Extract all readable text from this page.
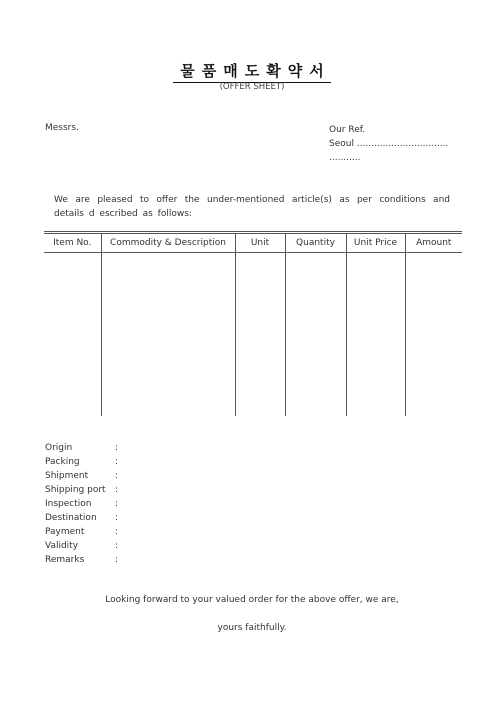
물품매도확약서
(OFFER SHEET)
Messrs.	Our Ref.
Seoul ................................
...........
We are pleased to offer the under-mentioned article(s) as per conditions and details d escribed as follows:
Item No.	Commodity & Description	Unit	Quantity	Unit Price	Amount

Origin	:
Packing	:
Shipment	:
Shipping port :
Inspection	:
Destination :
Payment	:
Validity	:
Remarks	:
Looking forward to your valued order for the above offer, we are,
yours faithfully.
